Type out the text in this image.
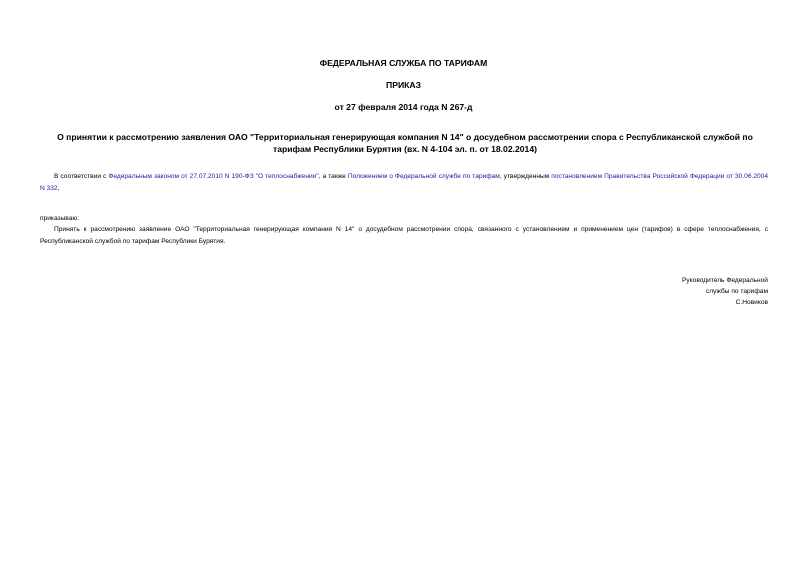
ФЕДЕРАЛЬНАЯ СЛУЖБА ПО ТАРИФАМ

ПРИКАЗ

от 27 февраля 2014 года N 267-д

О принятии к рассмотрению заявления ОАО "Территориальная генерирующая компания N 14" о досудебном рассмотрении спора с Республиканской службой по тарифам Республики Бурятия (вх. N 4-104 эл. п. от 18.02.2014)

В соответствии с Федеральным законом от 27.07.2010 N 190-ФЗ "О теплоснабжении", а также Положением о Федеральной службе по тарифам, утвержденным постановлением Правительства Российской Федерации от 30.06.2004 N 332,

приказываю:

Принять к рассмотрению заявление ОАО "Территориальная генерирующая компания N 14" о досудебном рассмотрении спора, связанного с установлением и применением цен (тарифов) в сфере теплоснабжения, с Республиканской службой по тарифам Республики Бурятия.

Руководитель Федеральной
службы по тарифам
С.Новиков
